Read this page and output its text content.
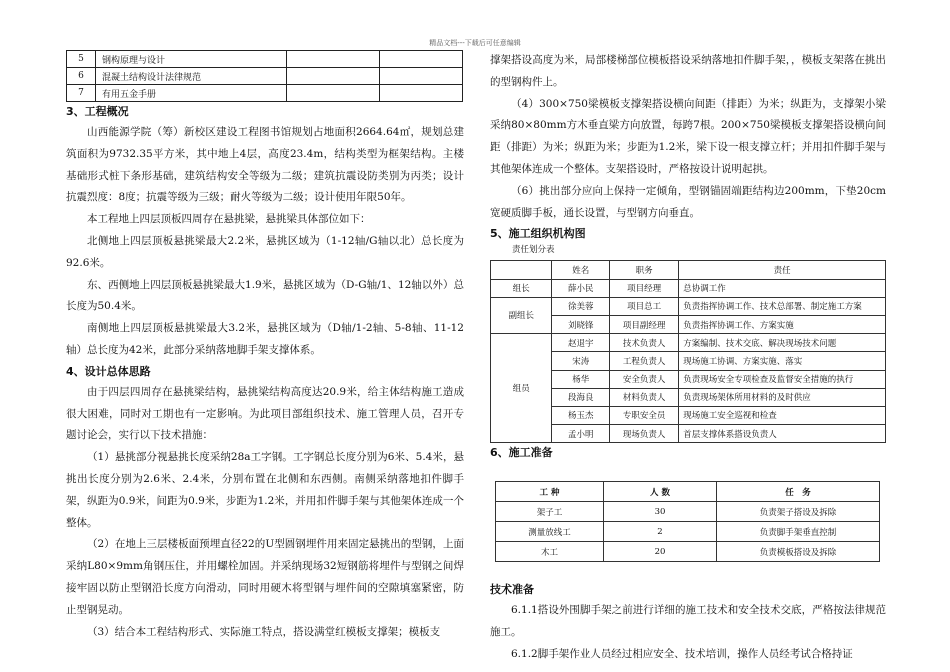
精品文档---下载后可任意编辑
5	钢构原理与设计		
6	混凝土结构设计法律规范		
7	有用五金手册		
3、工程概况

山西能源学院（筹）新校区建设工程图书馆规划占地面积2664.64㎡，规划总建筑面积为9732.35平方米，其中地上4层，高度23.4m，结构类型为框架结构。主楼基础形式桩下条形基础，建筑结构安全等级为二级；建筑抗震设防类别为丙类；设计抗震烈度：8度；抗震等级为三级；耐火等级为二级；设计使用年限50年。

本工程地上四层顶板四周存在悬挑梁，悬挑梁具体部位如下：

北侧地上四层顶板悬挑梁最大2.2米，悬挑区域为（1-12轴/G轴以北）总长度为92.6米。

东、西侧地上四层顶板悬挑梁最大1.9米，悬挑区域为（D-G轴/1、12轴以外）总长度为50.4米。

南侧地上四层顶板悬挑梁最大3.2米，悬挑区域为（D轴/1-2轴、5-8轴、11-12轴）总长度为42米，此部分采纳落地脚手架支撑体系。

4、设计总体思路

由于四层四周存在悬挑梁结构，悬挑梁结构高度达20.9米，给主体结构施工造成很大困难，同时对工期也有一定影响。为此项目部组织技术、施工管理人员，召开专题讨论会，实行以下技术措施：

（1）悬挑部分视悬挑长度采纳28a工字钢。工字钢总长度分别为6米、5.4米，悬挑出长度分别为2.6米、2.4米，分别布置在北侧和东西侧。南侧采纳落地扣件脚手架，纵距为0.9米，间距为0.9米，步距为1.2米，并用扣件脚手架与其他架体连成一个整体。

（2）在地上三层楼板面预埋直径22的U型圆钢埋件用来固定悬挑出的型钢，上面采纳L80×9mm角钢压住，并用螺栓加固。并采纳现场32短钢筋将埋件与型钢之间焊接牢固以防止型钢沿长度方向滑动，同时用硬木将型钢与埋件间的空隙填塞紧密，防止型钢晃动。

（3）结合本工程结构形式、实际施工特点，搭设满堂红模板支撑架；模板支

撑架搭设高度为米，局部楼梯部位模板搭设采纳落地扣件脚手架，，模板支架落在挑出的型钢构件上。

（4）300×750梁模板支撑架搭设横向间距（排距）为米；纵距为，支撑架小梁采纳80×80mm方木垂直梁方向放置，每跨7根。200×750梁模板支撑架搭设横向间距（排距）为米；纵距为米；步距为1.2米，梁下设一根支撑立杆；并用扣件脚手架与其他架体连成一个整体。支架搭设时，严格按设计说明起拱。

（6）挑出部分应向上保持一定倾角，型钢锚固端距结构边200mm，下垫20cm宽硬质脚手板，通长设置，与型钢方向垂直。

5、施工组织机构图
责任划分表
	姓名	职务	责任
组长	薛小民	项目经理	总协调工作
副组长	徐美蓉	项目总工	负责指挥协调工作、技术总部署、制定施工方案
	刘晓锋	项目副经理	负责指挥协调工作、方案实施
组员	赵退宇	技术负责人	方案编制、技术交底、解决现场技术问题
	宋涛	工程负责人	现场施工协调、方案实施、落实
	杨华	安全负责人	负责现场安全专项检查及监督安全措施的执行
	段海良	材料负责人	负责现场架体所用材料的及时供应
	杨玉杰	专职安全员	现场施工安全巡视和检查
	孟小明	现场负责人	首层支撑体系搭设负责人
6、施工准备
工 种	人 数	任　务
架子工	30	负责架子搭设及拆除
测量放线工	2	负责脚手架垂直控制
木工	20	负责模板搭设及拆除
技术准备

6.1.1搭设外围脚手架之前进行详细的施工技术和安全技术交底，严格按法律规范施工。

6.1.2脚手架作业人员经过相应安全、技术培训，操作人员经考试合格持证
